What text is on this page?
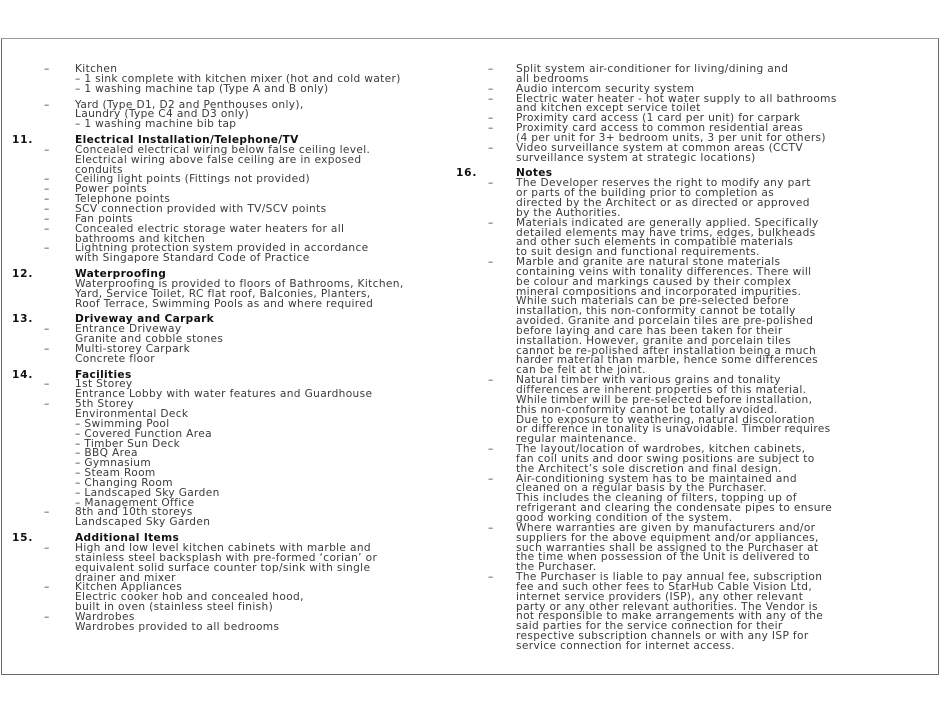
– Kitchen
– 1 sink complete with kitchen mixer (hot and cold water)
– 1 washing machine tap (Type A and B only)
– Yard (Type D1, D2 and Penthouses only),
Laundry (Type C4 and D3 only)
– 1 washing machine bib tap
11.	Electrical Installation/Telephone/TV
– Concealed electrical wiring below false ceiling level.
Electrical wiring above false ceiling are in exposed
conduits
– Ceiling light points (Fittings not provided)
– Power points
– Telephone points
– SCV connection provided with TV/SCV points
– Fan points
– Concealed electric storage water heaters for all
bathrooms and kitchen
– Lightning protection system provided in accordance
with Singapore Standard Code of Practice
12.	Waterproofing
Waterproofing is provided to floors of Bathrooms, Kitchen,
Yard, Service Toilet, RC flat roof, Balconies, Planters,
Roof Terrace, Swimming Pools as and where required
13.	Driveway and Carpark
– Entrance Driveway
Granite and cobble stones
– Multi-storey Carpark
Concrete floor
14.	Facilities
– 1st Storey
Entrance Lobby with water features and Guardhouse
– 5th Storey
Environmental Deck
– Swimming Pool
– Covered Function Area
– Timber Sun Deck
– BBQ Area
– Gymnasium
– Steam Room
– Changing Room
– Landscaped Sky Garden
– Management Office
– 8th and 10th storeys
Landscaped Sky Garden
15.	Additional Items
– High and low level kitchen cabinets with marble and
stainless steel backsplash with pre-formed ‘corian’ or
equivalent solid surface counter top/sink with single
drainer and mixer
– Kitchen Appliances
Electric cooker hob and concealed hood,
built in oven (stainless steel finish)
– Wardrobes
Wardrobes provided to all bedrooms
– Split system air-conditioner for living/dining and
all bedrooms
– Audio intercom security system
– Electric water heater - hot water supply to all bathrooms
and kitchen except service toilet
– Proximity card access (1 card per unit) for carpark
– Proximity card access to common residential areas
(4 per unit for 3+ bedroom units, 3 per unit for others)
– Video surveillance system at common areas (CCTV
surveillance system at strategic locations)
16.	Notes
– The Developer reserves the right to modify any part
or parts of the building prior to completion as
directed by the Architect or as directed or approved
by the Authorities.
– Materials indicated are generally applied. Specifically
detailed elements may have trims, edges, bulkheads
and other such elements in compatible materials
to suit design and functional requirements.
– Marble and granite are natural stone materials
containing veins with tonality differences. There will
be colour and markings caused by their complex
mineral compositions and incorporated impurities.
While such materials can be pre-selected before
installation, this non-conformity cannot be totally
avoided. Granite and porcelain tiles are pre-polished
before laying and care has been taken for their
installation. However, granite and porcelain tiles
cannot be re-polished after installation being a much
harder material than marble, hence some differences
can be felt at the joint.
– Natural timber with various grains and tonality
differences are inherent properties of this material.
While timber will be pre-selected before installation,
this non-conformity cannot be totally avoided.
Due to exposure to weathering, natural discoloration
or difference in tonality is unavoidable. Timber requires
regular maintenance.
– The layout/location of wardrobes, kitchen cabinets,
fan coil units and door swing positions are subject to
the Architect’s sole discretion and final design.
– Air-conditioning system has to be maintained and
cleaned on a regular basis by the Purchaser.
This includes the cleaning of filters, topping up of
refrigerant and clearing the condensate pipes to ensure
good working condition of the system.
– Where warranties are given by manufacturers and/or
suppliers for the above equipment and/or appliances,
such warranties shall be assigned to the Purchaser at
the time when possession of the Unit is delivered to
the Purchaser.
– The Purchaser is liable to pay annual fee, subscription
fee and such other fees to StarHub Cable Vision Ltd,
internet service providers (ISP), any other relevant
party or any other relevant authorities. The Vendor is
not responsible to make arrangements with any of the
said parties for the service connection for their
respective subscription channels or with any ISP for
service connection for internet access.
